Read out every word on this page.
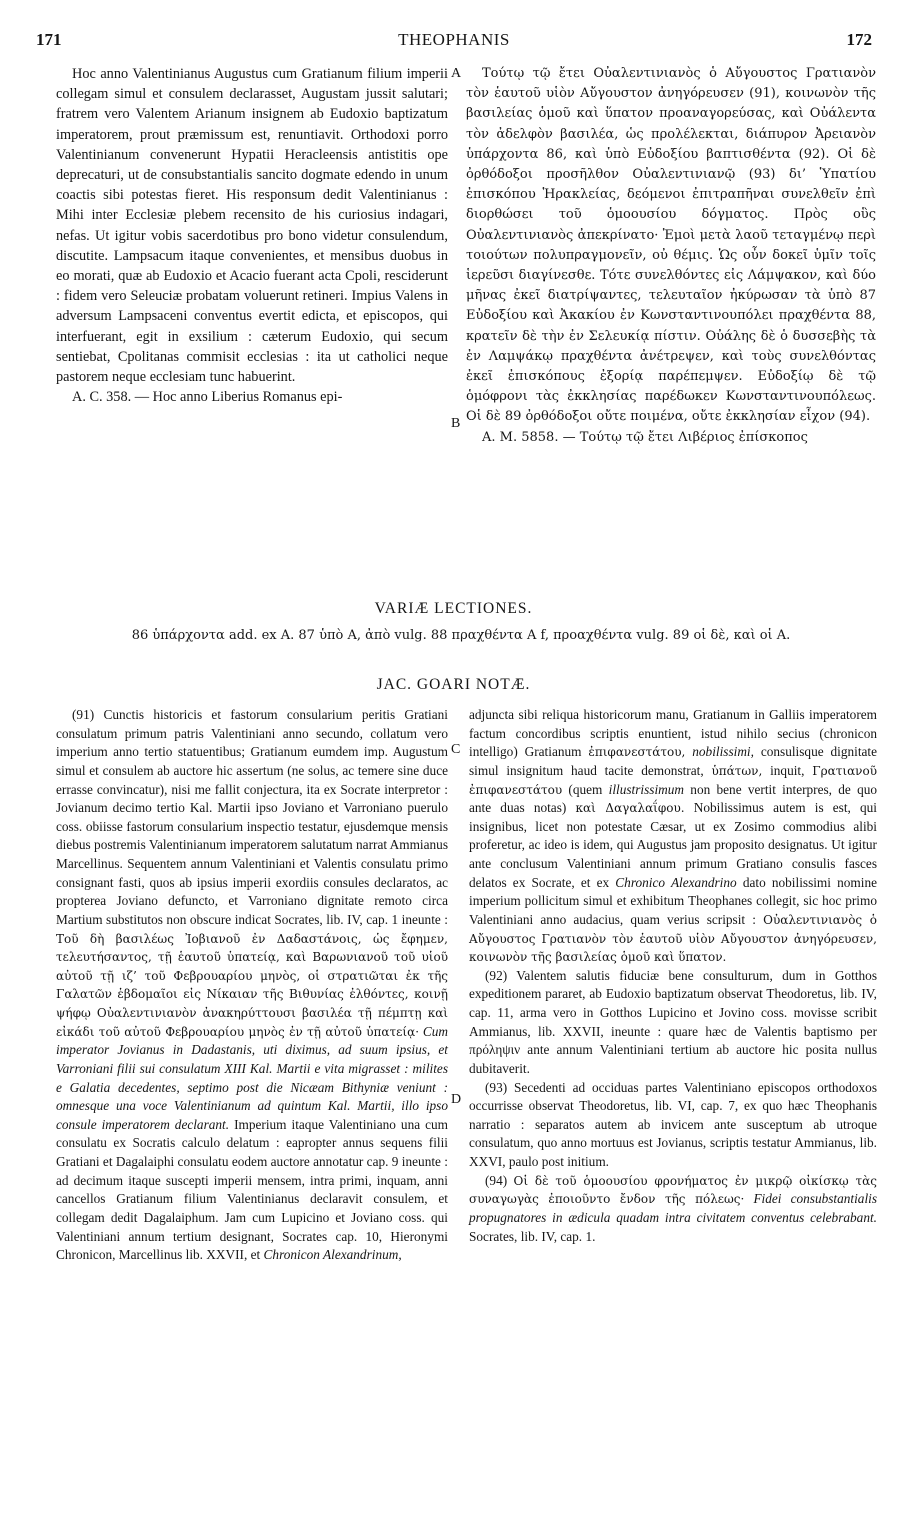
171	THEOPHANIS	172

Hoc anno Valentinianus Augustus cum Gratianum filium imperii collegam simul et consulem declarasset, Augustam jussit salutari; fratrem vero Valentem Arianum insignem ab Eudoxio baptizatum imperatorem, prout præmissum est, renuntiavit. Orthodoxi porro Valentinianum convenerunt Hypatii Heracleensis antistitis ope deprecaturi, ut de consubstantialis sancito dogmate edendo in unum coactis sibi potestas fieret. His responsum dedit Valentinianus : Mihi inter Ecclesiæ plebem recensito de his curiosius indagari, nefas. Ut igitur vobis sacerdotibus pro bono videtur consulendum, discutite. Lampsacum itaque convenientes, et mensibus duobus in eo morati, quæ ab Eudoxio et Acacio fuerant acta Cpoli, resciderunt : fidem vero Seleuciæ probatam voluerunt retineri. Impius Valens in adversum Lampsaceni conventus evertit edicta, et episcopos, qui interfuerant, egit in exsilium : cæterum Eudoxio, qui secum sentiebat, Cpolitanas commisit ecclesias : ita ut catholici neque pastorem neque ecclesiam tunc habuerint.

A. C. 358. — Hoc anno Liberius Romanus epi-

Τούτῳ τῷ ἔτει Οὐαλεντινιανὸς ὁ Αὔγουστος Γρατιανὸν τὸν ἑαυτοῦ υἱὸν Αὔγουστον ἀνηγόρευσεν (91), κοινωνὸν τῆς βασιλείας ὁμοῦ καὶ ὕπατον προαναγορεύσας, καὶ Οὐάλεντα τὸν ἀδελφὸν βασιλέα, ὡς προλέλεκται, διάπυρον Ἀρειανὸν ὑπάρχοντα 86, καὶ ὑπὸ Εὐδοξίου βαπτισθέντα (92). Οἱ δὲ ὀρθόδοξοι προσῆλθον Οὐαλεντινιανῷ (93) δι’ Ὑπατίου ἐπισκόπου Ἡρακλείας, δεόμενοι ἐπιτραπῆναι συνελθεῖν ἐπὶ διορθώσει τοῦ ὁμοουσίου δόγματος. Πρὸς οὓς Οὐαλεντινιανὸς ἀπεκρίνατο· Ἐμοὶ μετὰ λαοῦ τεταγμένῳ περὶ τοιούτων πολυπραγμονεῖν, οὐ θέμις. Ὡς οὖν δοκεῖ ὑμῖν τοῖς ἱερεῦσι διαγίνεσθε. Τότε συνελθόντες εἰς Λάμψακον, καὶ δύο μῆνας ἐκεῖ διατρίψαντες, τελευταῖον ἠκύρωσαν τὰ ὑπὸ 87 Εὐδοξίου καὶ Ἀκακίου ἐν Κωνσταντινουπόλει πραχθέντα 88, κρατεῖν δὲ τὴν ἐν Σελευκίᾳ πίστιν. Οὐάλης δὲ ὁ δυσσεβὴς τὰ ἐν Λαμψάκῳ πραχθέντα ἀνέτρεψεν, καὶ τοὺς συνελθόντας ἐκεῖ ἐπισκόπους ἐξορίᾳ παρέπεμψεν. Εὐδοξίῳ δὲ τῷ ὁμόφρονι τὰς ἐκκλησίας παρέδωκεν Κωνσταντινουπόλεως. Οἱ δὲ 89 ὀρθόδοξοι οὔτε ποιμένα, οὔτε ἐκκλησίαν εἶχον (94).

A. M. 5858. — Τούτῳ τῷ ἔτει Λιβέριος ἐπίσκοπος

A
B
C
D
VARIÆ LECTIONES.
86 ὑπάρχοντα add. ex A. 87 ὑπὸ A, ἀπὸ vulg. 88 πραχθέντα A f, προαχθέντα vulg. 89 οἱ δὲ, καὶ οἱ A.
JAC. GOARI NOTÆ.

(91) Cunctis historicis et fastorum consularium peritis Gratiani consulatum primum patris Valentiniani anno secundo, collatum vero imperium anno tertio statuentibus; Gratianum eumdem imp. Augustum simul et consulem ab auctore hic assertum (ne solus, ac temere sine duce errasse convincatur), nisi me fallit conjectura, ita ex Socrate interpretor : Jovianum decimo tertio Kal. Martii ipso Joviano et Varroniano puerulo coss. obiisse fastorum consularium inspectio testatur, ejusdemque mensis diebus postremis Valentinianum imperatorem salutatum narrat Ammianus Marcellinus. Sequentem annum Valentiniani et Valentis consulatu primo consignant fasti, quos ab ipsius imperii exordiis consules declaratos, ac propterea Joviano defuncto, et Varroniano dignitate remoto circa Martium substitutos non obscure indicat Socrates, lib. IV, cap. 1 ineunte : Τοῦ δὴ βασιλέως Ἰοβιανοῦ ἐν Δαδαστάνοις, ὡς ἔφημεν, τελευτήσαντος, τῇ ἑαυτοῦ ὑπατείᾳ, καὶ Βαρωνιανοῦ τοῦ υἱοῦ αὐτοῦ τῇ ιζ’ τοῦ Φεβρουαρίου μηνὸς, οἱ στρατιῶται ἐκ τῆς Γαλατῶν ἑβδομαῖοι εἰς Νίκαιαν τῆς Βιθυνίας ἐλθόντες, κοινῇ ψήφῳ Οὐαλεντινιανὸν ἀνακηρύττουσι βασιλέα τῇ πέμπτῃ καὶ εἰκάδι τοῦ αὐτοῦ Φεβρουαρίου μηνὸς ἐν τῇ αὐτοῦ ὑπατείᾳ· Cum imperator Jovianus in Dadastanis, uti diximus, ad suum ipsius, et Varroniani filii sui consulatum XIII Kal. Martii e vita migrasset : milites e Galatia decedentes, septimo post die Nicæam Bithyniæ veniunt : omnesque una voce Valentinianum ad quintum Kal. Martii, illo ipso consule imperatorem declarant. Imperium itaque Valentiniano una cum consulatu ex Socratis calculo delatum : eapropter annus sequens filii Gratiani et Dagalaiphi consulatu eodem auctore annotatur cap. 9 ineunte : ad decimum itaque suscepti imperii mensem, intra primi, inquam, anni cancellos Gratianum filium Valentinianus declaravit consulem, et collegam dedit Dagalaiphum. Jam cum Lupicino et Joviano coss. qui Valentiniani annum tertium designant, Socrates cap. 10, Hieronymi Chronicon, Marcellinus lib. XXVII, et Chronicon Alexandrinum,

adjuncta sibi reliqua historicorum manu, Gratianum in Galliis imperatorem factum concordibus scriptis enuntient, istud nihilo secius (chronicon intelligo) Gratianum ἐπιφανεστάτου, nobilissimi, consulisque dignitate simul insignitum haud tacite demonstrat, ὑπάτων, inquit, Γρατιανοῦ ἐπιφανεστάτου (quem illustrissimum non bene vertit interpres, de quo ante duas notas) καὶ Δαγαλαΐφου. Nobilissimus autem is est, qui insignibus, licet non potestate Cæsar, ut ex Zosimo commodius alibi proferetur, ac ideo is idem, qui Augustus jam proposito designatus. Ut igitur ante conclusum Valentiniani annum primum Gratiano consulis fasces delatos ex Socrate, et ex Chronico Alexandrino dato nobilissimi nomine imperium pollicitum simul et exhibitum Theophanes collegit, sic hoc primo Valentiniani anno audacius, quam verius scripsit : Οὐαλεντινιανὸς ὁ Αὔγουστος Γρατιανὸν τὸν ἑαυτοῦ υἱὸν Αὔγουστον ἀνηγόρευσεν, κοινωνὸν τῆς βασιλείας ὁμοῦ καὶ ὕπατον.

(92) Valentem salutis fiduciæ bene consulturum, dum in Gotthos expeditionem pararet, ab Eudoxio baptizatum observat Theodoretus, lib. IV, cap. 11, arma vero in Gotthos Lupicino et Jovino coss. movisse scribit Ammianus, lib. XXVII, ineunte : quare hæc de Valentis baptismo per πρόληψιν ante annum Valentiniani tertium ab auctore hic posita nullus dubitaverit.

(93) Secedenti ad occiduas partes Valentiniano episcopos orthodoxos occurrisse observat Theodoretus, lib. VI, cap. 7, ex quo hæc Theophanis narratio : separatos autem ab invicem ante susceptum ab utroque consulatum, quo anno mortuus est Jovianus, scriptis testatur Ammianus, lib. XXVI, paulo post initium.

(94) Οἱ δὲ τοῦ ὁμοουσίου φρονήματος ἐν μικρῷ οἰκίσκῳ τὰς συναγωγὰς ἐποιοῦντο ἔνδον τῆς πόλεως· Fidei consubstantialis propugnatores in ædicula quadam intra civitatem conventus celebrabant. Socrates, lib. IV, cap. 1.
